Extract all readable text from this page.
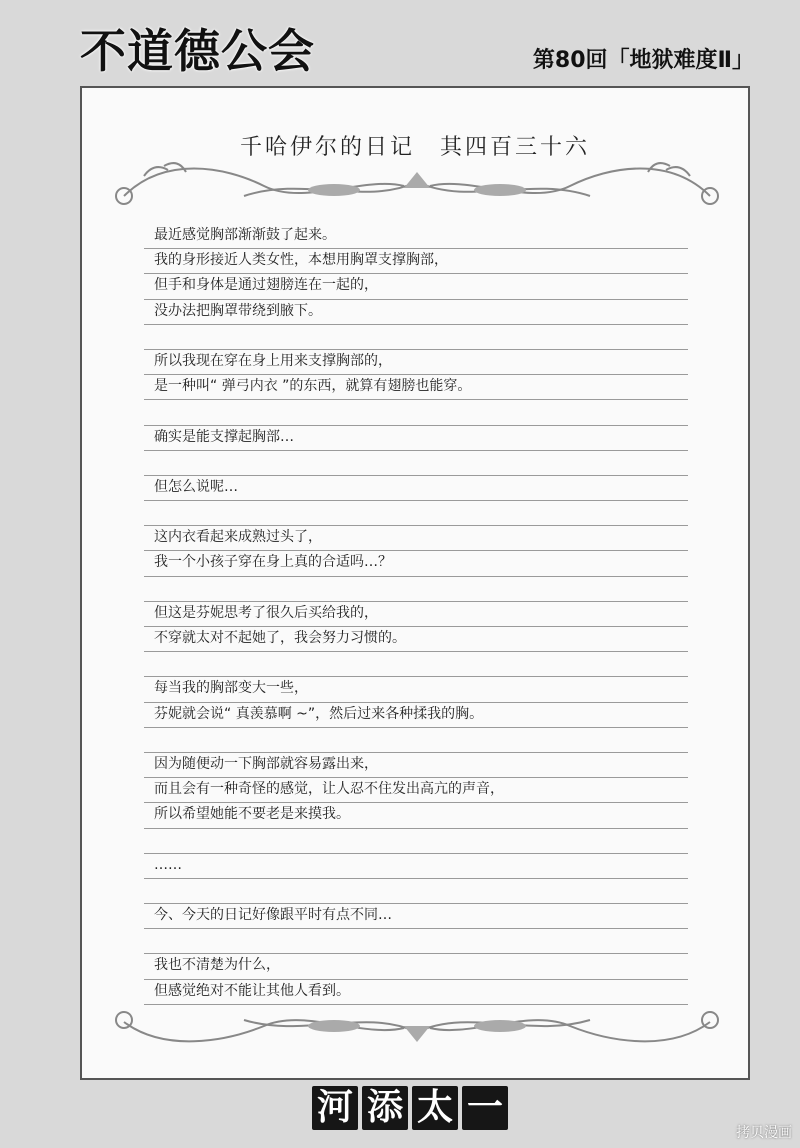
不道德公会	第80回「地狱难度Ⅱ」
千哈伊尔的日记　其四百三十六
最近感觉胸部渐渐鼓了起来。
我的身形接近人类女性，本想用胸罩支撑胸部，
但手和身体是通过翅膀连在一起的，
没办法把胸罩带绕到腋下。
所以我现在穿在身上用来支撑胸部的，
是一种叫“ 弹弓内衣 ”的东西，就算有翅膀也能穿。
确实是能支撑起胸部…
但怎么说呢…
这内衣看起来成熟过头了，
我一个小孩子穿在身上真的合适吗…？
但这是芬妮思考了很久后买给我的，
不穿就太对不起她了，我会努力习惯的。
每当我的胸部变大一些，
芬妮就会说“ 真羡慕啊 ~”，然后过来各种揉我的胸。
因为随便动一下胸部就容易露出来，
而且会有一种奇怪的感觉，让人忍不住发出高亢的声音，
所以希望她能不要老是来摸我。
……
今、今天的日记好像跟平时有点不同…
我也不清楚为什么，
但感觉绝对不能让其他人看到。
河 添 太 一
拷贝漫画
